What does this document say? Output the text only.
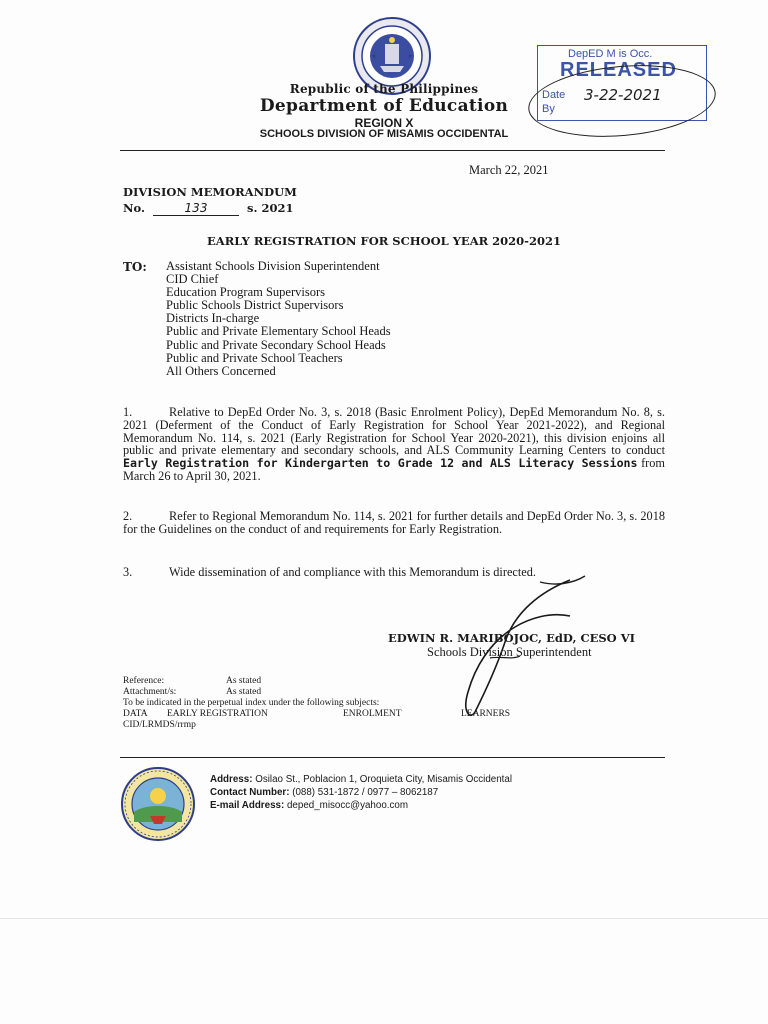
Republic of the Philippines
Department of Education
REGION X
SCHOOLS DIVISION OF MISAMIS OCCIDENTAL
DepED M is Occ.
RELEASED
Date
By
3-22-2021
March 22, 2021
DIVISION MEMORANDUM
No.	133	s. 2021
EARLY REGISTRATION FOR SCHOOL YEAR 2020-2021
TO: Assistant Schools Division Superintendent
CID Chief
Education Program Supervisors
Public Schools District Supervisors
Districts In-charge
Public and Private Elementary School Heads
Public and Private Secondary School Heads
Public and Private School Teachers
All Others Concerned
1.	Relative to DepEd Order No. 3, s. 2018 (Basic Enrolment Policy), DepEd Memorandum No. 8, s. 2021 (Deferment of the Conduct of Early Registration for School Year 2021-2022), and Regional Memorandum No. 114, s. 2021 (Early Registration for School Year 2020-2021), this division enjoins all public and private elementary and secondary schools, and ALS Community Learning Centers to conduct Early Registration for Kindergarten to Grade 12 and ALS Literacy Sessions from March 26 to April 30, 2021.
2.	Refer to Regional Memorandum No. 114, s. 2021 for further details and DepEd Order No. 3, s. 2018 for the Guidelines on the conduct of and requirements for Early Registration.
3.	Wide dissemination of and compliance with this Memorandum is directed.
EDWIN R. MARIBOJOC, EdD, CESO VI
Schools Division Superintendent
Reference:	As stated
Attachment/s:	As stated
To be indicated in the perpetual index under the following subjects:
DATA EARLY REGISTRATION	ENROLMENT	LEARNERS
CID/LRMDS/rrmp
Address: Osilao St., Poblacion 1, Oroquieta City, Misamis Occidental
Contact Number: (088) 531-1872 / 0977 – 8062187
E-mail Address: deped_misocc@yahoo.com
